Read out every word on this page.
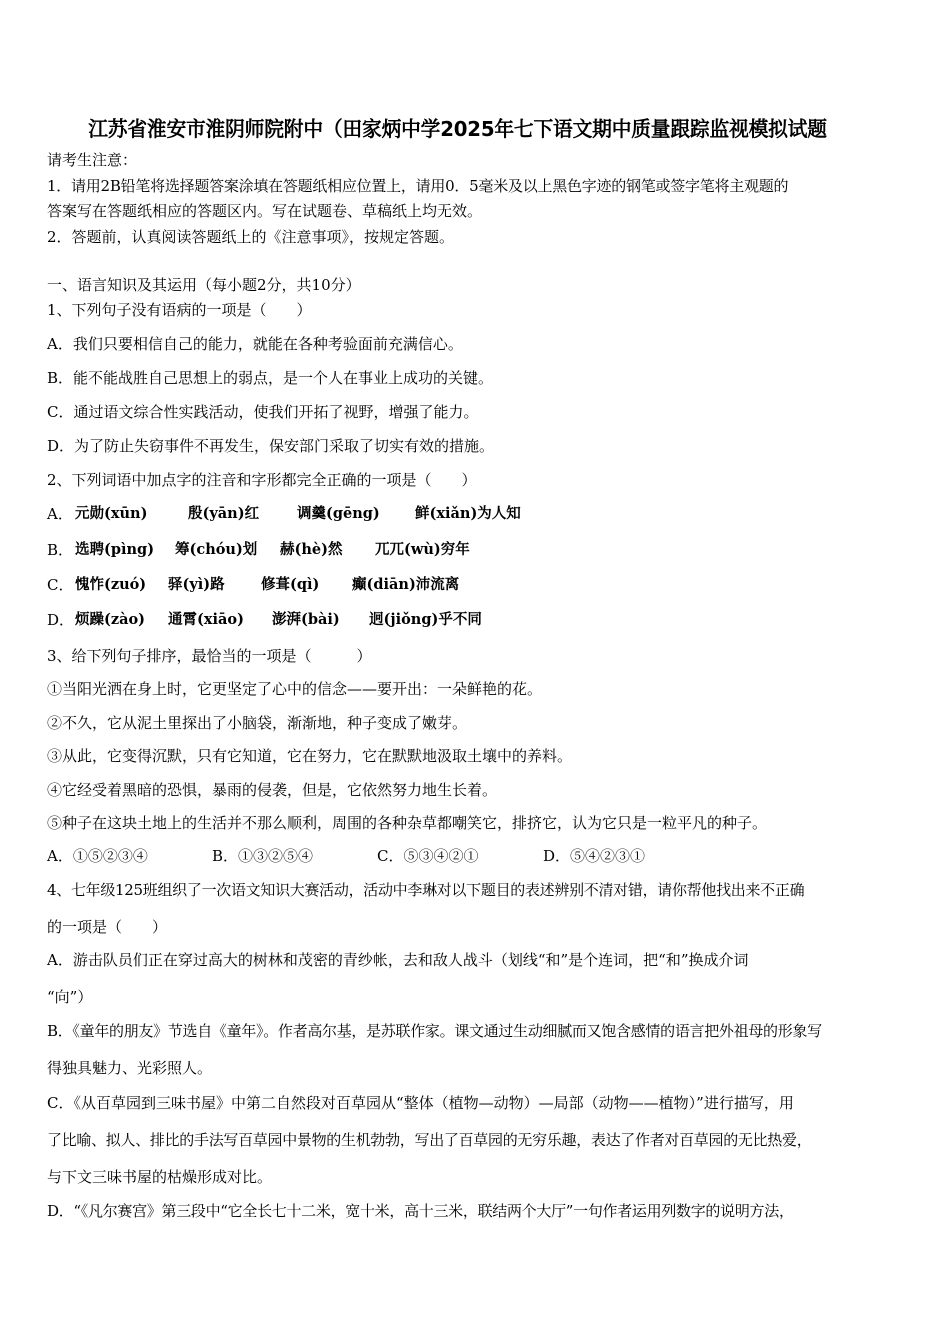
江苏省淮安市淮阴师院附中（田家炳中学2025年七下语文期中质量跟踪监视模拟试题
请考生注意：
1．请用2B铅笔将选择题答案涂填在答题纸相应位置上，请用0．5毫米及以上黑色字迹的钢笔或签字笔将主观题的
答案写在答题纸相应的答题区内。写在试题卷、草稿纸上均无效。
2．答题前，认真阅读答题纸上的《注意事项》，按规定答题。
一、语言知识及其运用（每小题2分，共10分）
1、下列句子没有语病的一项是（　　）
A．我们只要相信自己的能力，就能在各种考验面前充满信心。
B．能不能战胜自己思想上的弱点，是一个人在事业上成功的关键。
C．通过语文综合性实践活动，使我们开拓了视野，增强了能力。
D．为了防止失窃事件不再发生，保安部门采取了切实有效的措施。
2、下列词语中加点字的注音和字形都完全正确的一项是（　　）
A． 元勋(xūn)	殷(yān)红	调羹(gēng) 鲜(xiǎn)为人知
B． 选聘(pìng) 筹(chóu)划 赫(hè)然 兀兀(wù)穷年
C． 愧怍(zuó) 驿(yì)路	修葺(qì) 癫(diān)沛流离
D． 烦躁(zào) 通霄(xiāo) 澎湃(bài) 迥(jiǒng)乎不同
3、给下列句子排序，最恰当的一项是（　　　）
①当阳光洒在身上时，它更坚定了心中的信念——要开出：一朵鲜艳的花。
②不久，它从泥土里探出了小脑袋，渐渐地，种子变成了嫩芽。
③从此，它变得沉默，只有它知道，它在努力，它在默默地汲取土壤中的养料。
④它经受着黑暗的恐惧，暴雨的侵袭，但是，它依然努力地生长着。
⑤种子在这块土地上的生活并不那么顺利，周围的各种杂草都嘲笑它，排挤它，认为它只是一粒平凡的种子。
A．①⑤②③④	B．①③②⑤④	C．⑤③④②①	D．⑤④②③①
4、七年级125班组织了一次语文知识大赛活动，活动中李琳对以下题目的表述辨别不清对错，请你帮他找出来不正确
的一项是（　　）
A．游击队员们正在穿过高大的树林和茂密的青纱帐，去和敌人战斗（划线“和”是个连词，把“和”换成介词
“向”）
B．《童年的朋友》节选自《童年》。作者高尔基，是苏联作家。课文通过生动细腻而又饱含感情的语言把外祖母的形象写
得独具魅力、光彩照人。
C．《从百草园到三味书屋》中第二自然段对百草园从“整体（植物—动物）—局部（动物——植物）”进行描写，用
了比喻、拟人、排比的手法写百草园中景物的生机勃勃，写出了百草园的无穷乐趣，表达了作者对百草园的无比热爱，
与下文三味书屋的枯燥形成对比。
D．“《凡尔赛宫》第三段中“它全长七十二米，宽十米，高十三米，联结两个大厅”一句作者运用列数字的说明方法，
